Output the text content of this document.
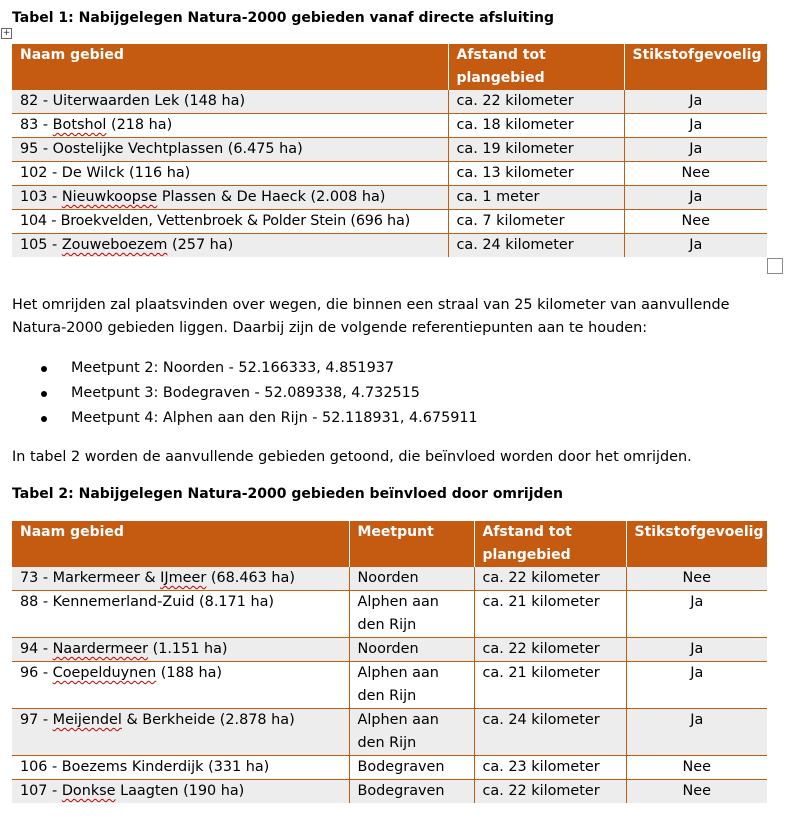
Tabel 1: Nabijgelegen Natura-2000 gebieden vanaf directe afsluiting
+
Naam gebied	Afstand tot plangebied	Stikstofgevoelig
82 - Uiterwaarden Lek (148 ha)	ca. 22 kilometer	Ja
83 - Botshol (218 ha)	ca. 18 kilometer	Ja
95 - Oostelijke Vechtplassen (6.475 ha)	ca. 19 kilometer	Ja
102 - De Wilck (116 ha)	ca. 13 kilometer	Nee
103 - Nieuwkoopse Plassen & De Haeck (2.008 ha)	ca. 1 meter	Ja
104 - Broekvelden, Vettenbroek & Polder Stein (696 ha)	ca. 7 kilometer	Nee
105 - Zouweboezem (257 ha)	ca. 24 kilometer	Ja

Het omrijden zal plaatsvinden over wegen, die binnen een straal van 25 kilometer van aanvullende Natura-2000 gebieden liggen. Daarbij zijn de volgende referentiepunten aan te houden:

Meetpunt 2: Noorden - 52.166333, 4.851937
Meetpunt 3: Bodegraven - 52.089338, 4.732515
Meetpunt 4: Alphen aan den Rijn - 52.118931, 4.675911

In tabel 2 worden de aanvullende gebieden getoond, die beïnvloed worden door het omrijden.

Tabel 2: Nabijgelegen Natura-2000 gebieden beïnvloed door omrijden
Naam gebied	Meetpunt	Afstand tot plangebied	Stikstofgevoelig
73 - Markermeer & IJmeer (68.463 ha)	Noorden	ca. 22 kilometer	Nee
88 - Kennemerland-Zuid (8.171 ha)	Alphen aan den Rijn	ca. 21 kilometer	Ja
94 - Naardermeer (1.151 ha)	Noorden	ca. 22 kilometer	Ja
96 - Coepelduynen (188 ha)	Alphen aan den Rijn	ca. 21 kilometer	Ja
97 - Meijendel & Berkheide (2.878 ha)	Alphen aan den Rijn	ca. 24 kilometer	Ja
106 - Boezems Kinderdijk (331 ha)	Bodegraven	ca. 23 kilometer	Nee
107 - Donkse Laagten (190 ha)	Bodegraven	ca. 22 kilometer	Nee
